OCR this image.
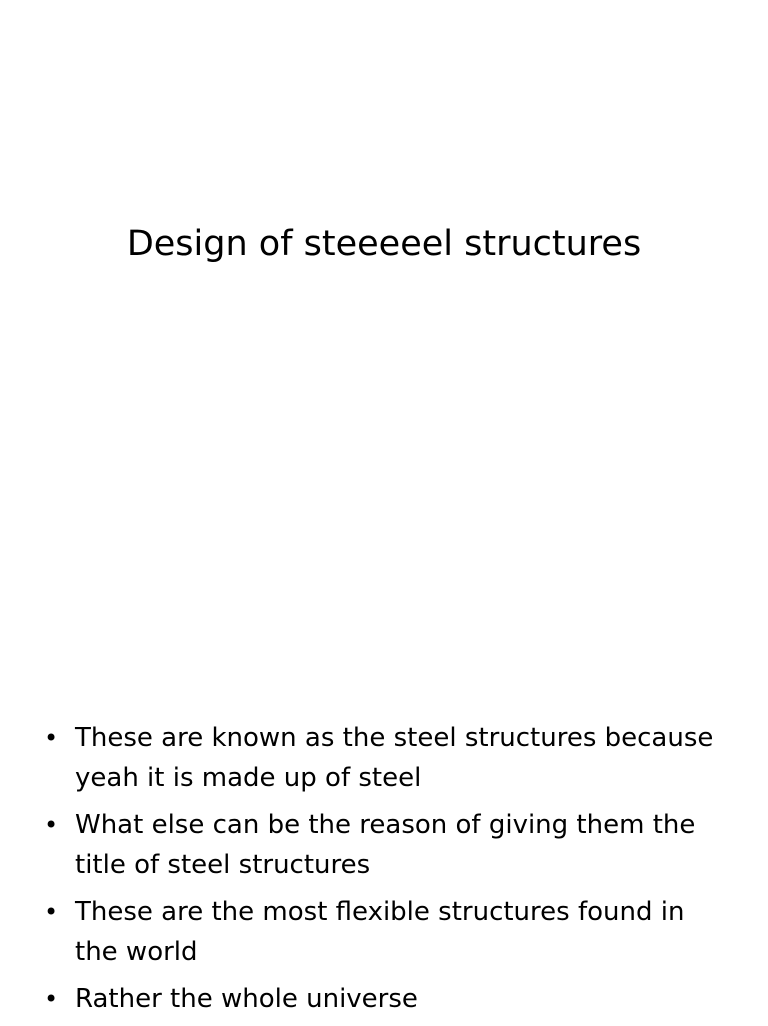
Design of steeeeel structures
• These are known as the steel structures because yeah it is made up of steel
• What else can be the reason of giving them the title of steel structures
• These are the most flexible structures found in the world
• Rather the whole universe
